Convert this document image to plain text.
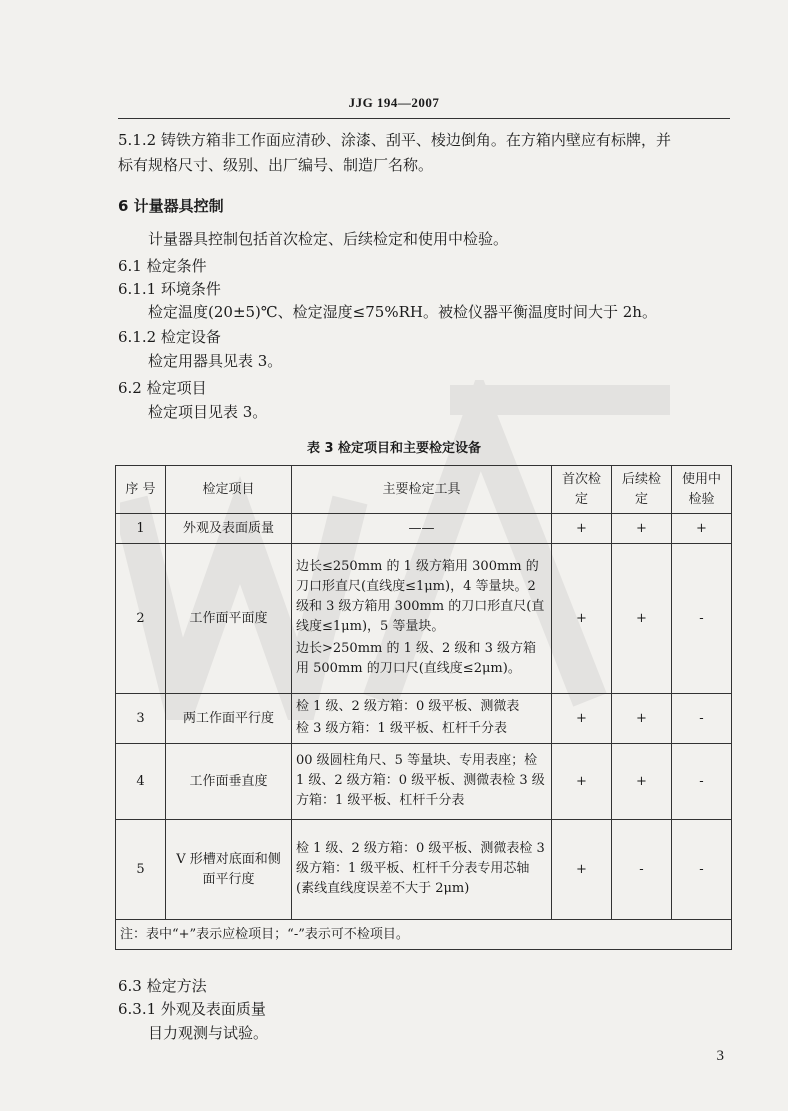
JJG 194—2007
5.1.2 铸铁方箱非工作面应清砂、涂漆、刮平、棱边倒角。在方箱内壁应有标牌，并
标有规格尺寸、级别、出厂编号、制造厂名称。
6 计量器具控制
计量器具控制包括首次检定、后续检定和使用中检验。
6.1 检定条件
6.1.1 环境条件
检定温度(20±5)℃、检定湿度≤75%RH。被检仪器平衡温度时间大于 2h。
6.1.2 检定设备
检定用器具见表 3。
6.2 检定项目
检定项目见表 3。
表 3 检定项目和主要检定设备
序 号	检定项目	主要检定工具	首次检定	后续检定	使用中检验
1	外观及表面质量	——	+	+	+
2	工作面平面度	边长≤250mm 的 1 级方箱用 300mm 的刀口形直尺(直线度≤1μm)，4 等量块。2 级和 3 级方箱用 300mm 的刀口形直尺(直线度≤1μm)，5 等量块。

边长>250mm 的 1 级、2 级和 3 级方箱用 500mm 的刀口尺(直线度≤2μm)。	+	+	-
3	两工作面平行度	检 1 级、2 级方箱：0 级平板、测微表

检 3 级方箱：1 级平板、杠杆千分表	+	+	-
4	工作面垂直度	00 级圆柱角尺、5 等量块、专用表座；检 1 级、2 级方箱：0 级平板、测微表检 3 级方箱：1 级平板、杠杆千分表	+	+	-
5	V 形槽对底面和侧面平行度	检 1 级、2 级方箱：0 级平板、测微表检 3 级方箱：1 级平板、杠杆千分表专用芯轴(素线直线度误差不大于 2μm)	+	-	-
注：表中“+”表示应检项目；“-”表示可不检项目。					
6.3 检定方法
6.3.1 外观及表面质量
目力观测与试验。
3
